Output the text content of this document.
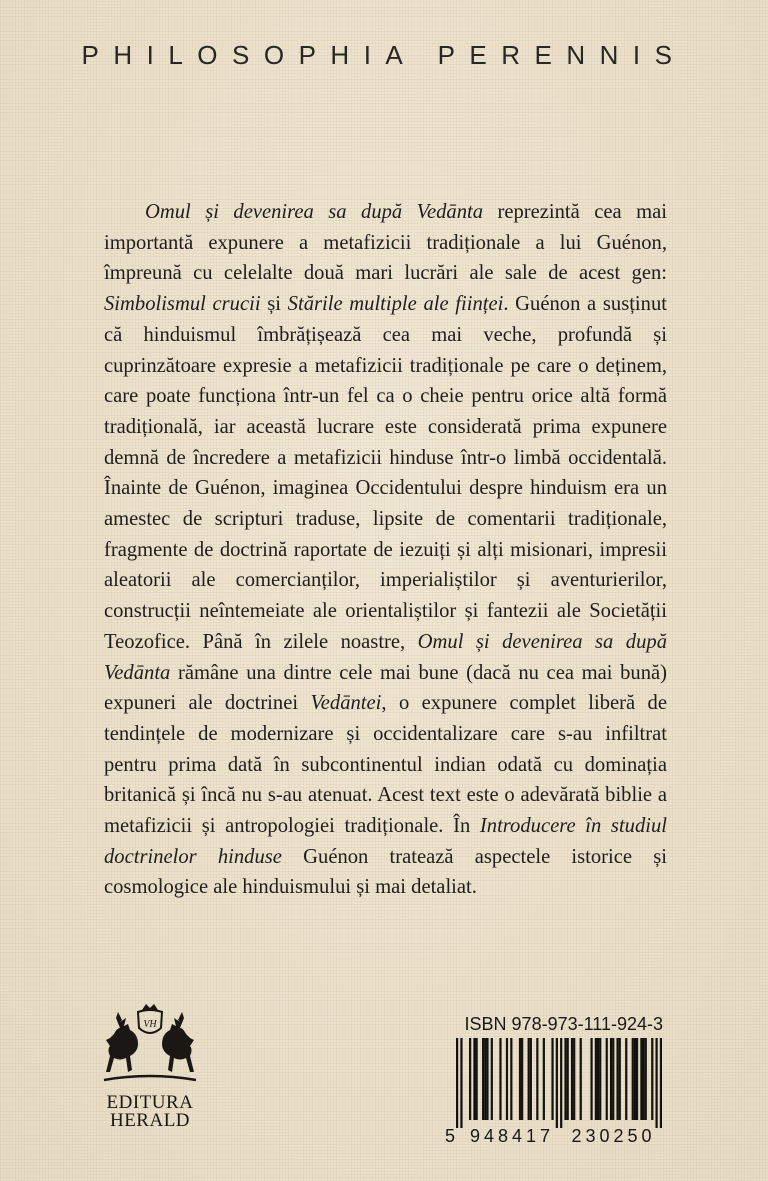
PHILOSOPHIA PERENNIS

Omul și devenirea sa după Vedānta reprezintă cea mai importantă expunere a metafizicii tradiționale a lui Guénon, împreună cu celelalte două mari lucrări ale sale de acest gen: Simbolismul crucii și Stările multiple ale ființei. Guénon a susținut că hinduismul îmbrățișează cea mai veche, profundă și cuprinzătoare expresie a metafizicii tradiționale pe care o deținem, care poate funcționa într-un fel ca o cheie pentru orice altă formă tradițională, iar această lucrare este considerată prima expunere demnă de încredere a metafizicii hinduse într-o limbă occidentală. Înainte de Guénon, imaginea Occidentului despre hinduism era un amestec de scripturi traduse, lipsite de comentarii tradiționale, fragmente de doctrină raportate de iezuiți și alți misionari, impresii aleatorii ale comercianților, imperialiștilor și aventurierilor, construcții neîntemeiate ale orientaliștilor și fantezii ale Societății Teozofice. Până în zilele noastre, Omul și devenirea sa după Vedānta rămâne una dintre cele mai bune (dacă nu cea mai bună) expuneri ale doctrinei Vedāntei, o expunere complet liberă de tendințele de modernizare și occidentalizare care s-au infiltrat pentru prima dată în subcontinentul indian odată cu dominația britanică și încă nu s-au atenuat. Acest text este o adevărată biblie a metafizicii și antropologiei tradiționale. În Introducere în studiul doctrinelor hinduse Guénon tratează aspectele istorice și cosmologice ale hinduismului și mai detaliat.

VH
EDITURA
HERALD
ISBN 978-973-111-924-3
5 948417 230250
